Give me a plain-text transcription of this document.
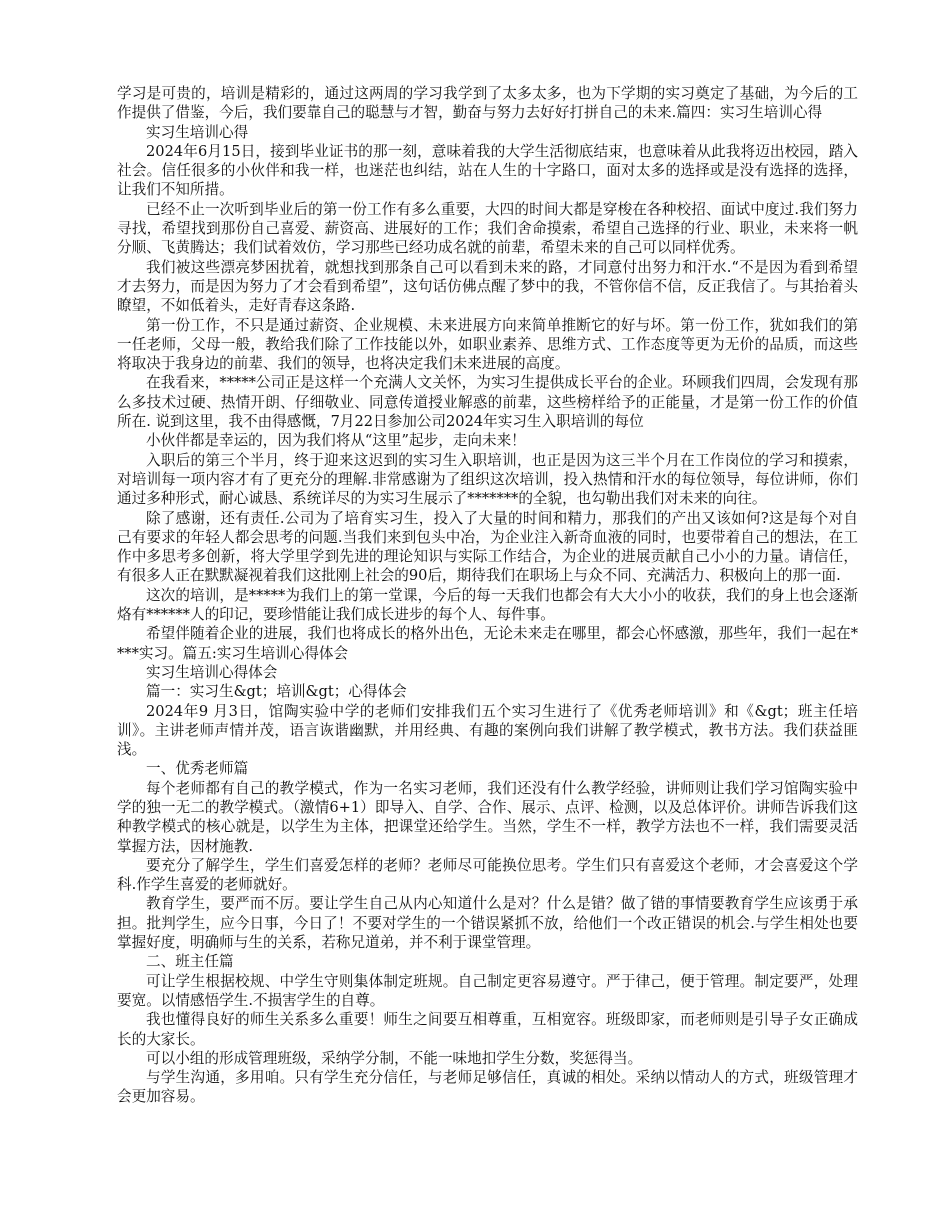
学习是可贵的，培训是精彩的，通过这两周的学习我学到了太多太多，也为下学期的实习奠定了基础，为今后的工作提供了借鉴，今后，我们要靠自己的聪慧与才智，勤奋与努力去好好打拼自己的未来.篇四：实习生培训心得

实习生培训心得

2024年6月15日，接到毕业证书的那一刻，意味着我的大学生活彻底结束，也意味着从此我将迈出校园，踏入社会。信任很多的小伙伴和我一样，也迷茫也纠结，站在人生的十字路口，面对太多的选择或是没有选择的选择，让我们不知所措。

已经不止一次听到毕业后的第一份工作有多么重要，大四的时间大都是穿梭在各种校招、面试中度过.我们努力寻找，希望找到那份自己喜爱、薪资高、进展好的工作；我们舍命摸索，希望自己选择的行业、职业，未来将一帆分顺、飞黄腾达；我们试着效仿，学习那些已经功成名就的前辈，希望未来的自己可以同样优秀。

我们被这些漂亮梦困扰着，就想找到那条自己可以看到未来的路，才同意付出努力和汗水.“不是因为看到希望才去努力，而是因为努力了才会看到希望”，这句话仿佛点醒了梦中的我，不管你信不信，反正我信了。与其抬着头瞭望，不如低着头，走好青春这条路.

第一份工作，不只是通过薪资、企业规模、未来进展方向来简单推断它的好与坏。第一份工作，犹如我们的第一任老师，父母一般，教给我们除了工作技能以外，如职业素养、思维方式、工作态度等更为无价的品质，而这些将取决于我身边的前辈、我们的领导，也将决定我们未来进展的高度。

在我看来，*****公司正是这样一个充满人文关怀，为实习生提供成长平台的企业。环顾我们四周，会发现有那么多技术过硬、热情开朗、仔细敬业、同意传道授业解惑的前辈，这些榜样给予的正能量，才是第一份工作的价值所在. 说到这里，我不由得感慨，7月22日参加公司2024年实习生入职培训的每位

小伙伴都是幸运的，因为我们将从“这里”起步，走向未来！

入职后的第三个半月，终于迎来这迟到的实习生入职培训，也正是因为这三半个月在工作岗位的学习和摸索，对培训每一项内容才有了更充分的理解.非常感谢为了组织这次培训，投入热情和汗水的每位领导，每位讲师，你们通过多种形式，耐心诚恳、系统详尽的为实习生展示了*******的全貌，也勾勒出我们对未来的向往。

除了感谢，还有责任.公司为了培育实习生，投入了大量的时间和精力，那我们的产出又该如何?这是每个对自己有要求的年轻人都会思考的问题.当我们来到包头中冶，为企业注入新奇血液的同时，也要带着自己的想法，在工作中多思考多创新，将大学里学到先进的理论知识与实际工作结合，为企业的进展贡献自己小小的力量。请信任，有很多人正在默默凝视着我们这批刚上社会的90后，期待我们在职场上与众不同、充满活力、积极向上的那一面.

这次的培训，是*****为我们上的第一堂课，今后的每一天我们也都会有大大小小的收获，我们的身上也会逐渐烙有******人的印记，要珍惜能让我们成长进步的每个人、每件事。

希望伴随着企业的进展，我们也将成长的格外出色，无论未来走在哪里，都会心怀感激，那些年，我们一起在****实习。篇五:实习生培训心得体会

实习生培训心得体会

篇一：实习生&gt；培训&gt；心得体会

2024年9 月3日，馆陶实验中学的老师们安排我们五个实习生进行了《优秀老师培训》和《&gt；班主任培训》。主讲老师声情并茂，语言诙谐幽默，并用经典、有趣的案例向我们讲解了教学模式，教书方法。我们获益匪浅。

一、优秀老师篇

每个老师都有自己的教学模式，作为一名实习老师，我们还没有什么教学经验，讲师则让我们学习馆陶实验中学的独一无二的教学模式。（激情6+1）即导入、自学、合作、展示、点评、检测，以及总体评价。讲师告诉我们这种教学模式的核心就是，以学生为主体，把课堂还给学生。当然，学生不一样，教学方法也不一样，我们需要灵活掌握方法，因材施教.

要充分了解学生，学生们喜爱怎样的老师？老师尽可能换位思考。学生们只有喜爱这个老师，才会喜爱这个学科.作学生喜爱的老师就好。

教育学生，要严而不厉。要让学生自己从内心知道什么是对？什么是错？做了错的事情要教育学生应该勇于承担。批判学生，应今日事，今日了！不要对学生的一个错误紧抓不放，给他们一个改正错误的机会.与学生相处也要掌握好度，明确师与生的关系，若称兄道弟，并不利于课堂管理。

二、班主任篇

可让学生根据校规、中学生守则集体制定班规。自己制定更容易遵守。严于律己，便于管理。制定要严，处理要宽。以情感悟学生.不损害学生的自尊。

我也懂得良好的师生关系多么重要！师生之间要互相尊重，互相宽容。班级即家，而老师则是引导子女正确成长的大家长。

可以小组的形成管理班级，采纳学分制，不能一味地扣学生分数，奖惩得当。

与学生沟通，多用咱。只有学生充分信任，与老师足够信任，真诚的相处。采纳以情动人的方式，班级管理才会更加容易。
